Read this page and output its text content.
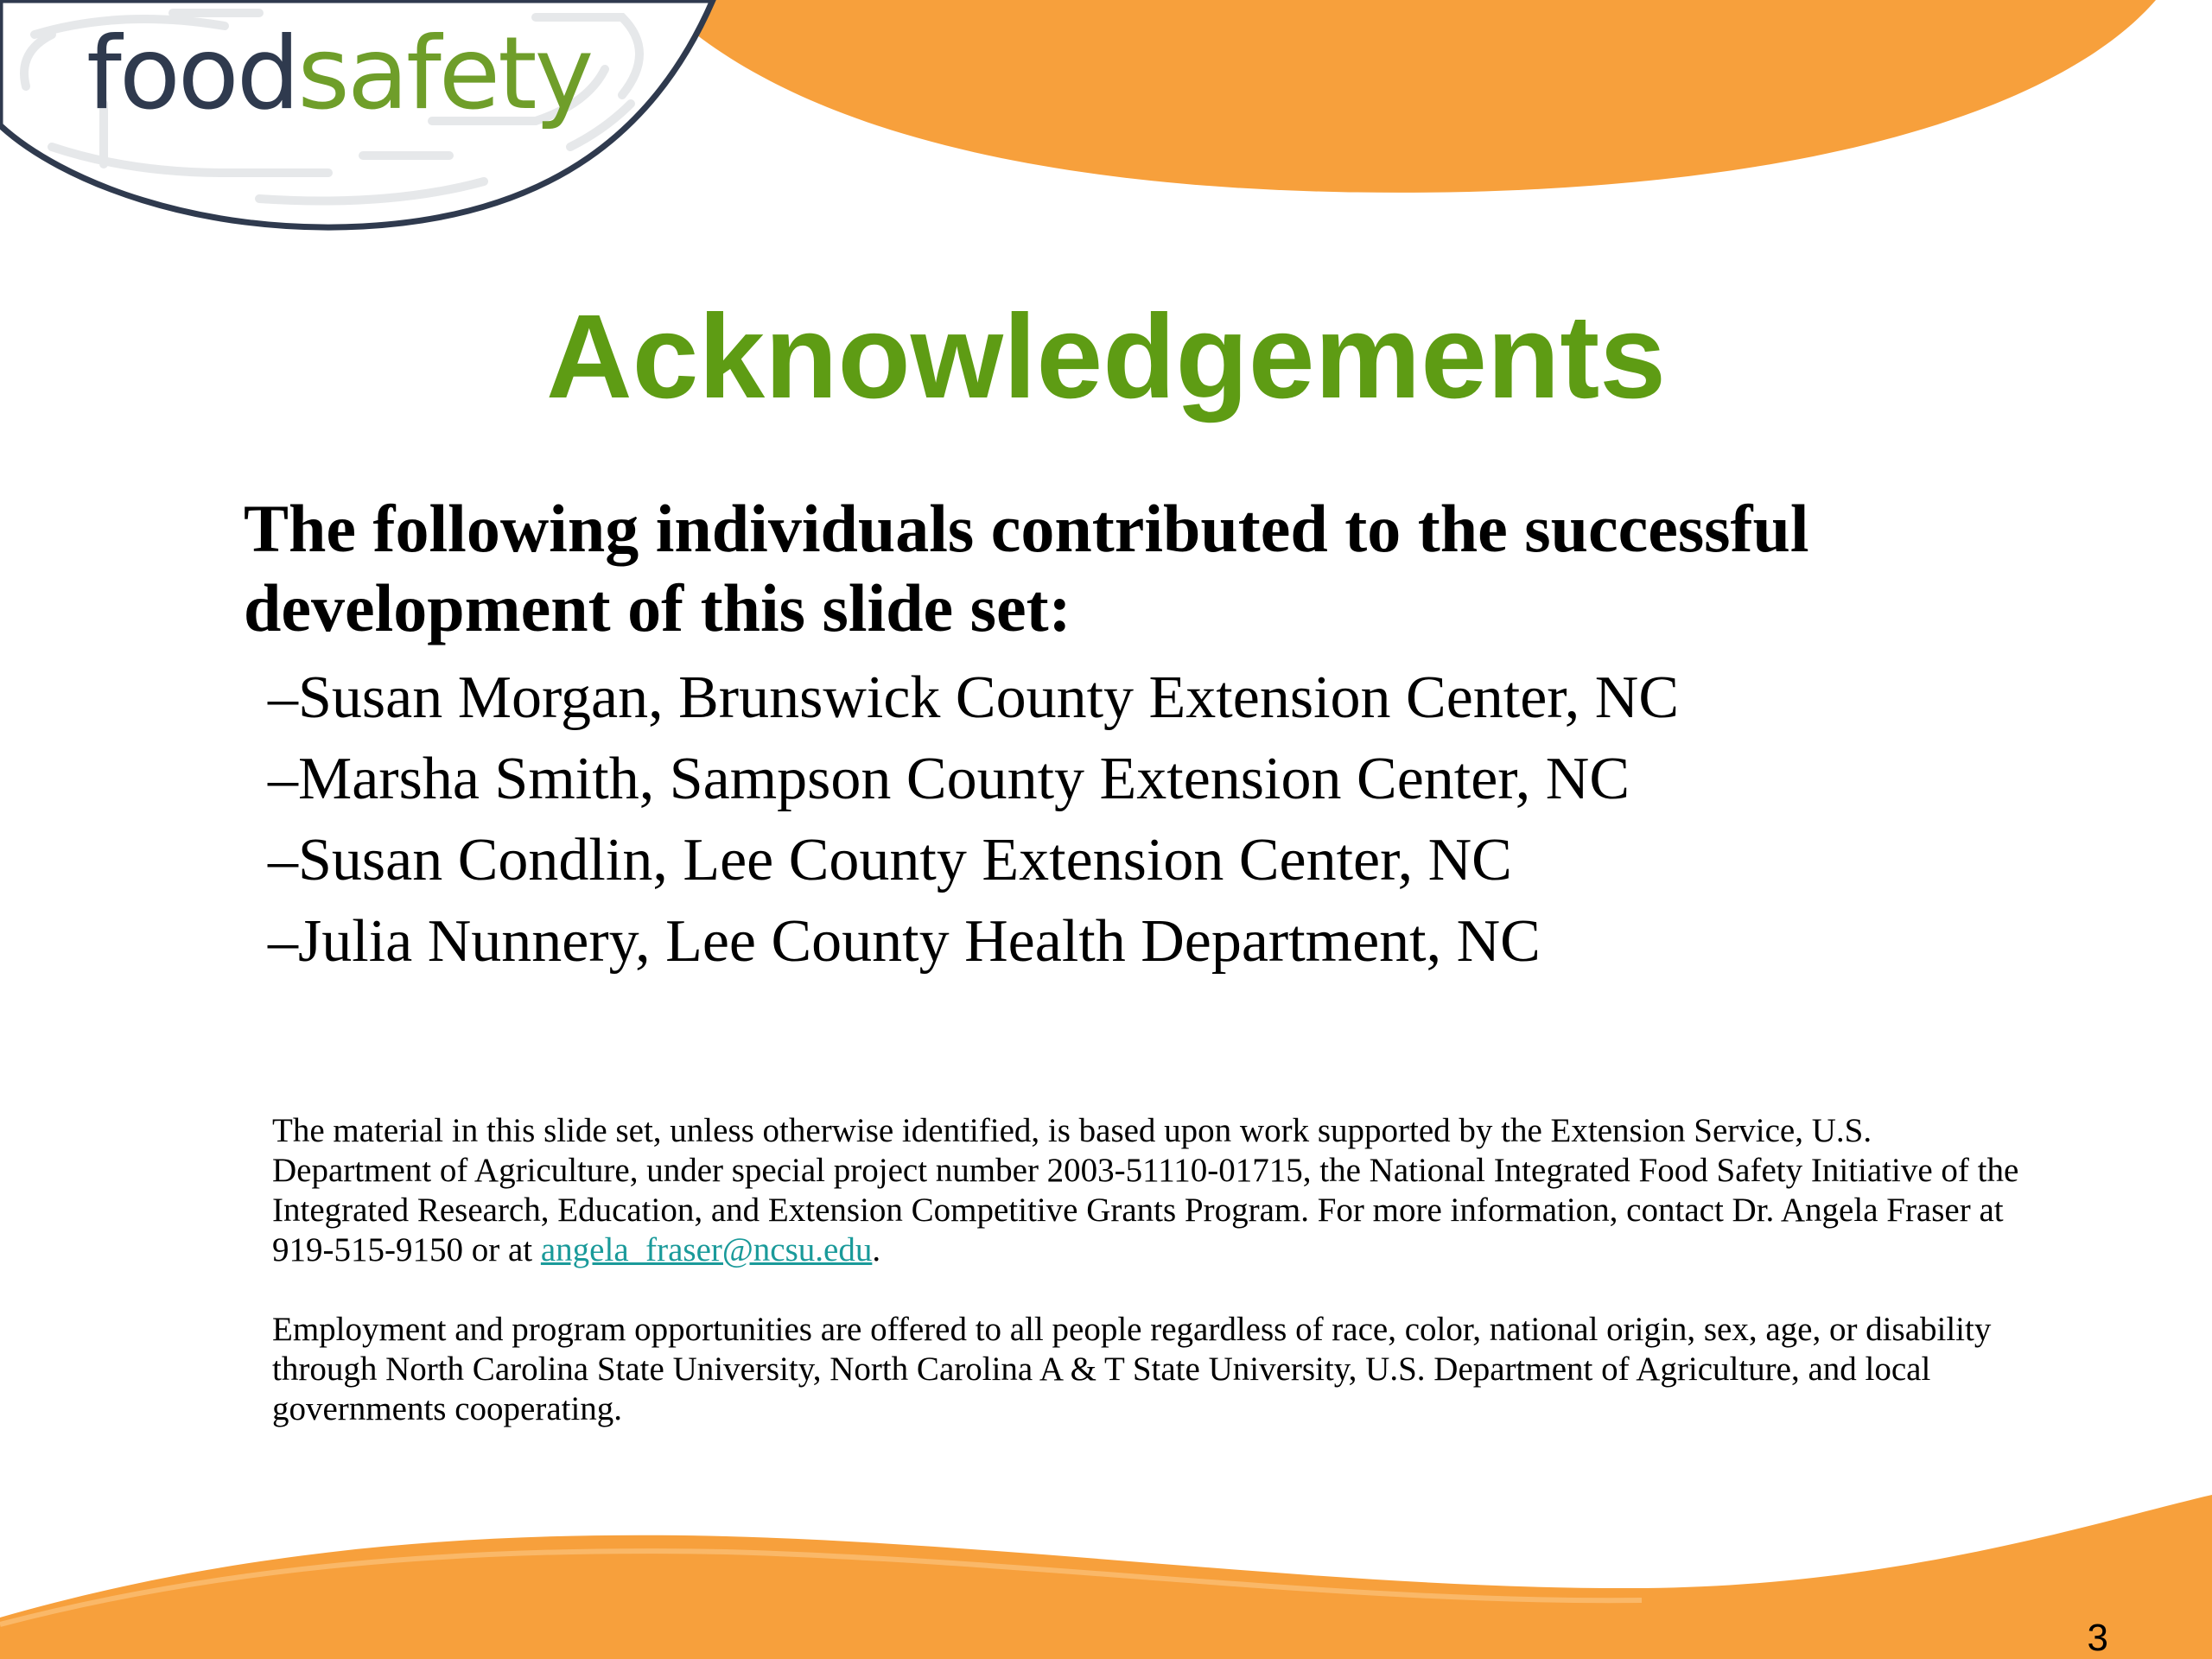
foodsafety
Acknowledgements

The following individuals contributed to the successful development of this slide set:

–Susan Morgan, Brunswick County Extension Center, NC
–Marsha Smith, Sampson County Extension Center, NC
–Susan Condlin, Lee County Extension Center, NC
–Julia Nunnery, Lee County Health Department, NC

The material in this slide set, unless otherwise identified, is based upon work supported by the Extension Service, U.S. Department of Agriculture, under special project number 2003-51110-01715, the National Integrated Food Safety Initiative of the Integrated Research, Education, and Extension Competitive Grants Program. For more information, contact Dr. Angela Fraser at 919-515-9150 or at angela_fraser@ncsu.edu.

Employment and program opportunities are offered to all people regardless of race, color, national origin, sex, age, or disability through North Carolina State University, North Carolina A & T State University, U.S. Department of Agriculture, and local governments cooperating.

3
